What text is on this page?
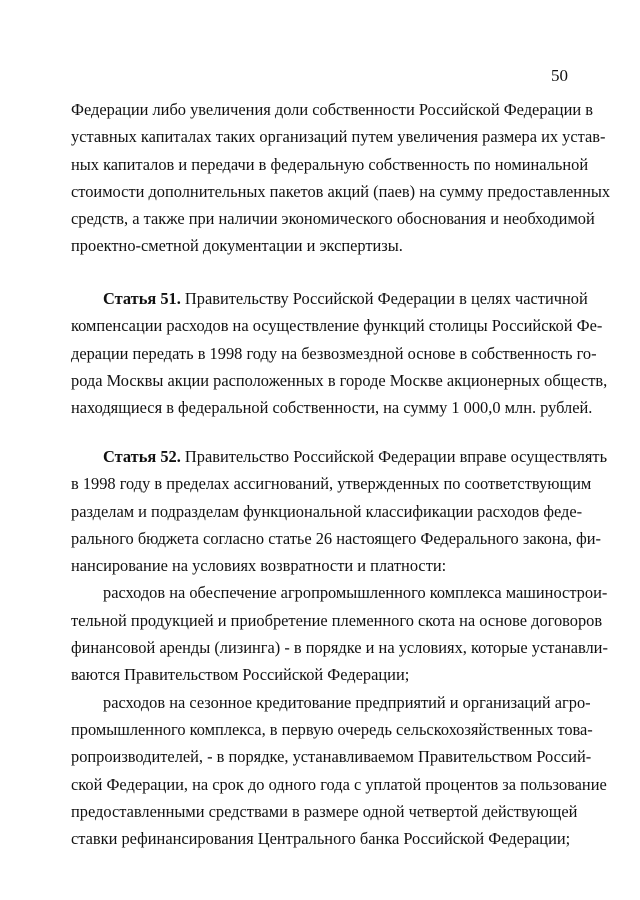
50
Федерации либо увеличения доли собственности Российской Федерации в
уставных капиталах таких организаций путем увеличения размера их устав-
ных капиталов и передачи в федеральную собственность по номинальной
стоимости дополнительных пакетов акций (паев) на сумму предоставленных
средств, а также при наличии экономического обоснования и необходимой
проектно-сметной документации и экспертизы.
Статья 51. Правительству Российской Федерации в целях частичной
компенсации расходов на осуществление функций столицы Российской Фе-
дерации передать в 1998 году на безвозмездной основе в собственность го-
рода Москвы акции расположенных в городе Москве акционерных обществ,
находящиеся в федеральной собственности, на сумму 1 000,0 млн. рублей.
Статья 52. Правительство Российской Федерации вправе осуществлять
в 1998 году в пределах ассигнований, утвержденных по соответствующим
разделам и подразделам функциональной классификации расходов феде-
рального бюджета согласно статье 26 настоящего Федерального закона, фи-
нансирование на условиях возвратности и платности:
расходов на обеспечение агропромышленного комплекса машинострои-
тельной продукцией и приобретение племенного скота на основе договоров
финансовой аренды (лизинга) - в порядке и на условиях, которые устанавли-
ваются Правительством Российской Федерации;
расходов на сезонное кредитование предприятий и организаций агро-
промышленного комплекса, в первую очередь сельскохозяйственных това-
ропроизводителей, - в порядке, устанавливаемом Правительством Россий-
ской Федерации, на срок до одного года с уплатой процентов за пользование
предоставленными средствами в размере одной четвертой действующей
ставки рефинансирования Центрального банка Российской Федерации;
